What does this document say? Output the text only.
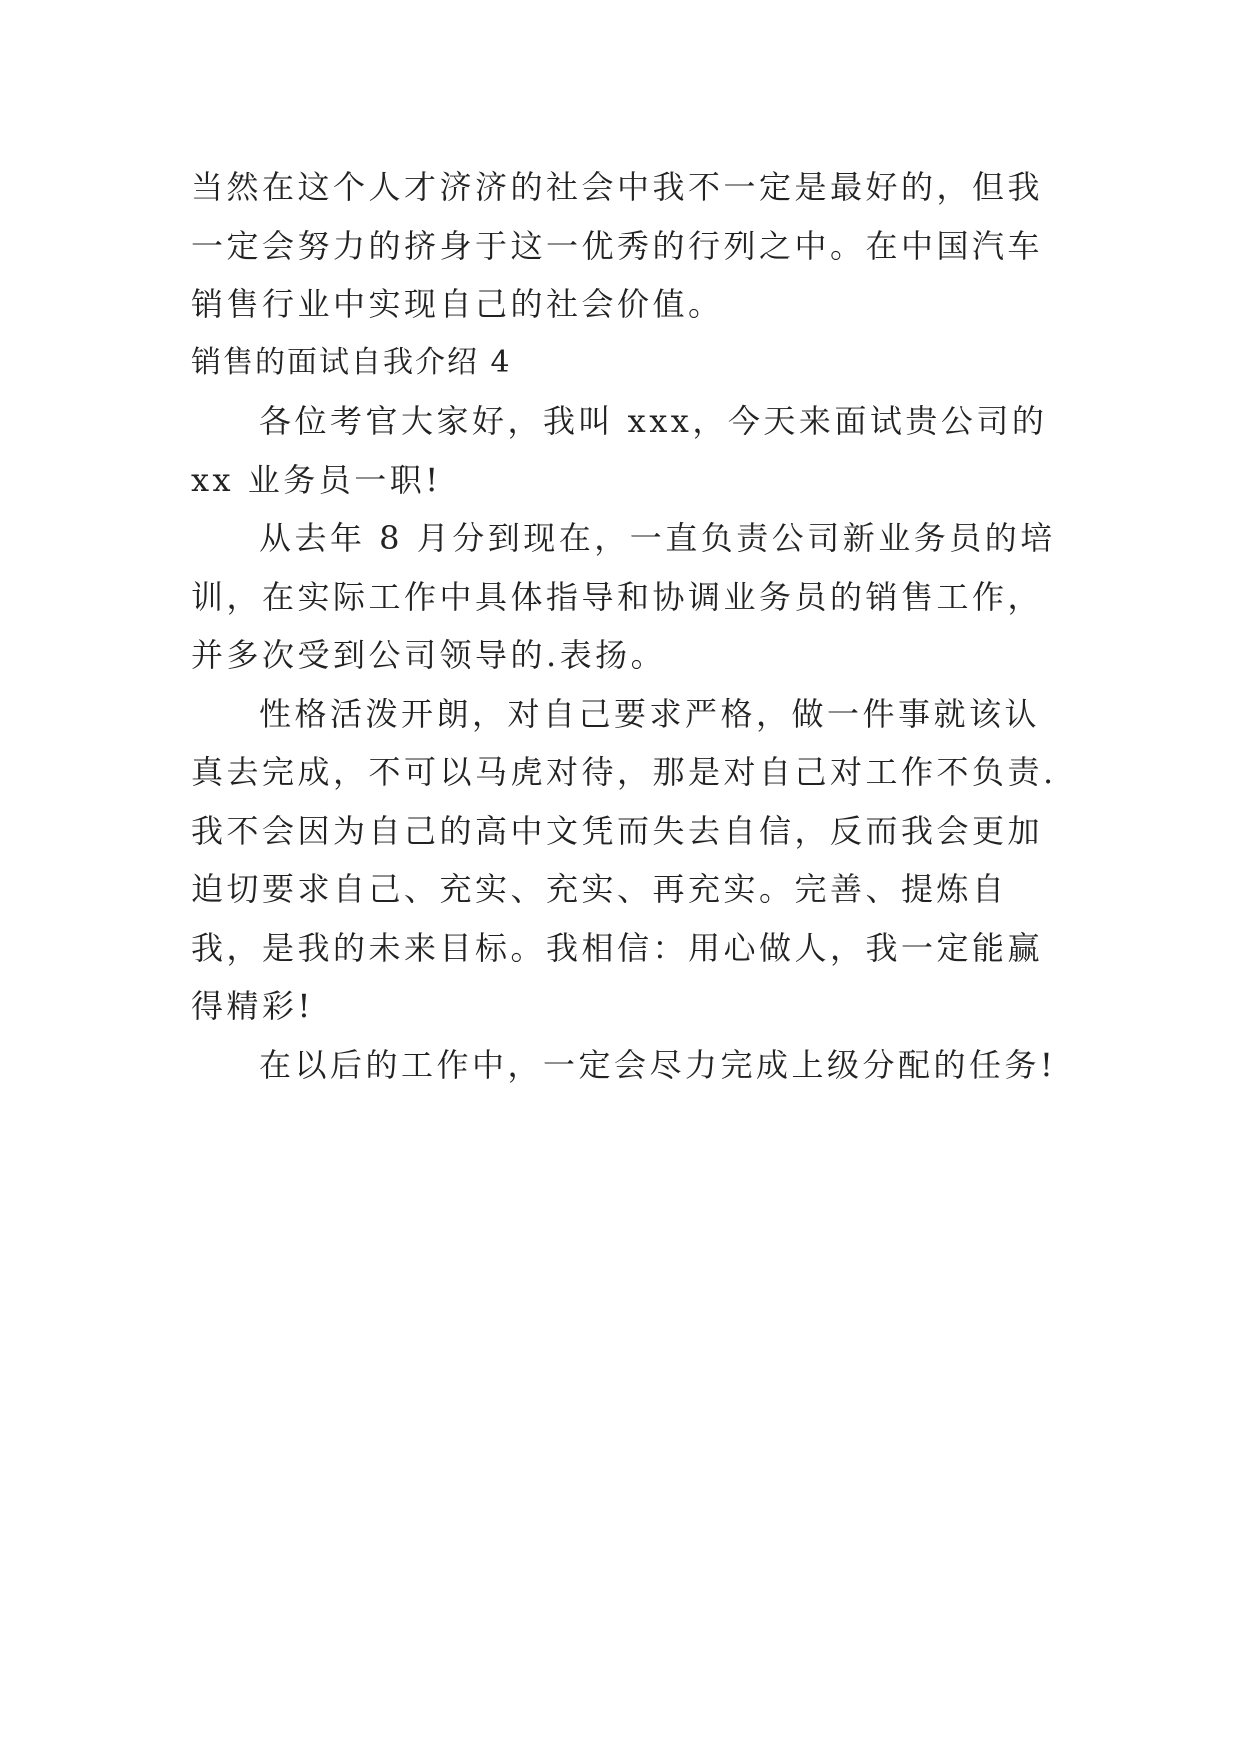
当然在这个人才济济的社会中我不一定是最好的，但我一定会努力的挤身于这一优秀的行列之中。在中国汽车销售行业中实现自己的社会价值。

销售的面试自我介绍 4

各位考官大家好，我叫 xxx，今天来面试贵公司的 xx 业务员一职!

从去年 8 月分到现在，一直负责公司新业务员的培训，在实际工作中具体指导和协调业务员的销售工作，并多次受到公司领导的.表扬。

性格活泼开朗，对自己要求严格，做一件事就该认真去完成，不可以马虎对待，那是对自己对工作不负责.我不会因为自己的高中文凭而失去自信，反而我会更加迫切要求自己、充实、充实、再充实。完善、提炼自我，是我的未来目标。我相信：用心做人，我一定能赢得精彩!

在以后的工作中，一定会尽力完成上级分配的任务!
